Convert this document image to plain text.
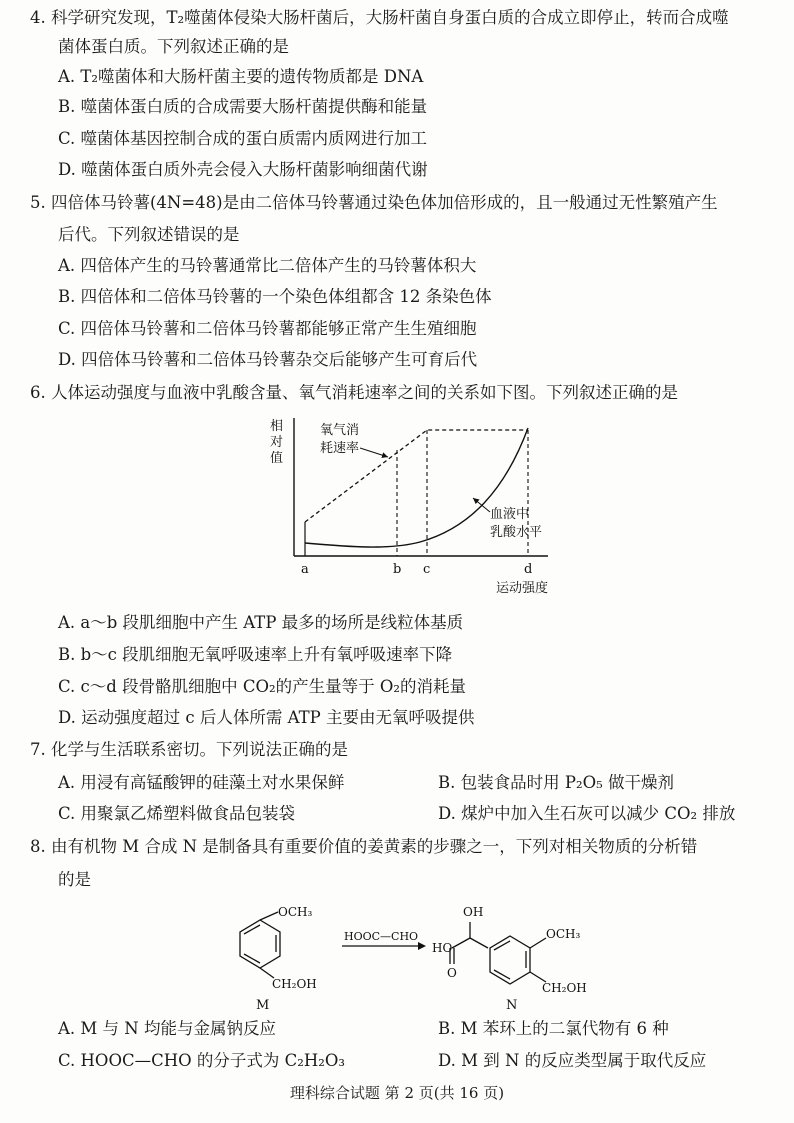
4. 科学研究发现，T₂噬菌体侵染大肠杆菌后，大肠杆菌自身蛋白质的合成立即停止，转而合成噬
菌体蛋白质。下列叙述正确的是
A. T₂噬菌体和大肠杆菌主要的遗传物质都是 DNA
B. 噬菌体蛋白质的合成需要大肠杆菌提供酶和能量
C. 噬菌体基因控制合成的蛋白质需内质网进行加工
D. 噬菌体蛋白质外壳会侵入大肠杆菌影响细菌代谢
5. 四倍体马铃薯(4N=48)是由二倍体马铃薯通过染色体加倍形成的，且一般通过无性繁殖产生
后代。下列叙述错误的是
A. 四倍体产生的马铃薯通常比二倍体产生的马铃薯体积大
B. 四倍体和二倍体马铃薯的一个染色体组都含 12 条染色体
C. 四倍体马铃薯和二倍体马铃薯都能够正常产生生殖细胞
D. 四倍体马铃薯和二倍体马铃薯杂交后能够产生可育后代
6. 人体运动强度与血液中乳酸含量、氧气消耗速率之间的关系如下图。下列叙述正确的是
相
对
值
氧气消
耗速率
血液中
乳酸水平
a	b c	d
运动强度
A. a～b 段肌细胞中产生 ATP 最多的场所是线粒体基质
B. b～c 段肌细胞无氧呼吸速率上升有氧呼吸速率下降
C. c～d 段骨骼肌细胞中 CO₂的产生量等于 O₂的消耗量
D. 运动强度超过 c 后人体所需 ATP 主要由无氧呼吸提供
7. 化学与生活联系密切。下列说法正确的是
A. 用浸有高锰酸钾的硅藻土对水果保鲜	B. 包装食品时用 P₂O₅ 做干燥剂
C. 用聚氯乙烯塑料做食品包装袋	D. 煤炉中加入生石灰可以减少 CO₂ 排放
8. 由有机物 M 合成 N 是制备具有重要价值的姜黄素的步骤之一，下列对相关物质的分析错
的是
OCH₃
CH₂OH
M
HOOC—CHO
OH
HO
O
OCH₃
CH₂OH
N
A. M 与 N 均能与金属钠反应	B. M 苯环上的二氯代物有 6 种
C. HOOC—CHO 的分子式为 C₂H₂O₃	D. M 到 N 的反应类型属于取代反应
理科综合试题 第 2 页(共 16 页)
